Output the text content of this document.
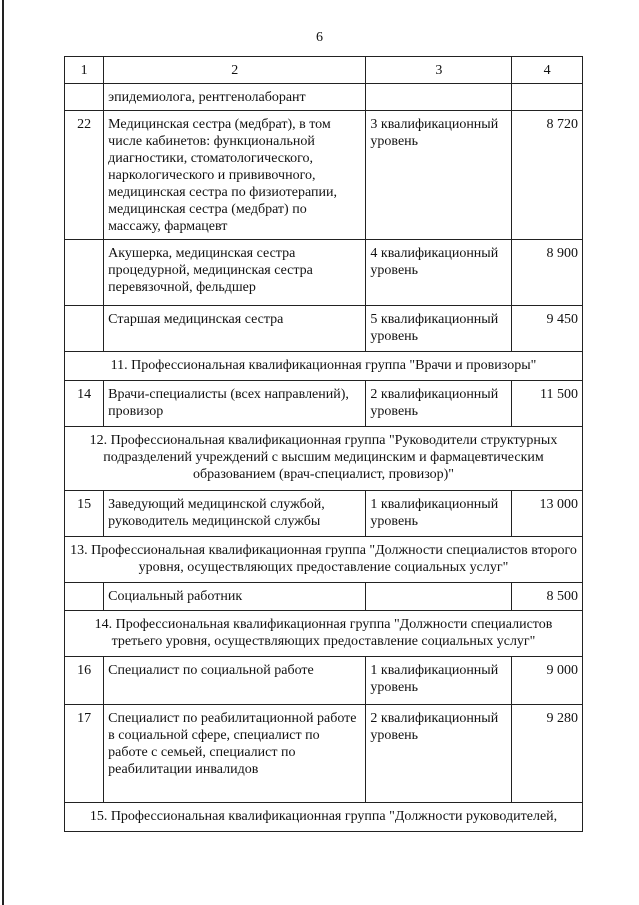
6
1	2	3	4
	эпидемиолога, рентгенолаборант		
22	Медицинская сестра (медбрат), в том числе кабинетов: функциональной диагностики, стоматологического, наркологического и прививочного, медицинская сестра по физиотерапии, медицинская сестра (медбрат) по массажу, фармацевт	3 квалификационный уровень	8 720
	Акушерка, медицинская сестра процедурной, медицинская сестра перевязочной, фельдшер	4 квалификационный уровень	8 900
	Старшая медицинская сестра	5 квалификационный уровень	9 450
11. Профессиональная квалификационная группа "Врачи и провизоры"			
14	Врачи-специалисты (всех направлений), провизор	2 квалификационный уровень	11 500
12. Профессиональная квалификационная группа "Руководители структурных подразделений учреждений с высшим медицинским и фармацевтическим образованием (врач-специалист, провизор)"			
15	Заведующий медицинской службой, руководитель медицинской службы	1 квалификационный уровень	13 000
13. Профессиональная квалификационная группа "Должности специалистов второго уровня, осуществляющих предоставление социальных услуг"			
	Социальный работник		8 500
14. Профессиональная квалификационная группа "Должности специалистов третьего уровня, осуществляющих предоставление социальных услуг"			
16	Специалист по социальной работе	1 квалификационный уровень	9 000
17	Специалист по реабилитационной работе в социальной сфере, специалист по работе с семьей, специалист по реабилитации инвалидов	2 квалификационный уровень	9 280
15. Профессиональная квалификационная группа "Должности руководителей,			
